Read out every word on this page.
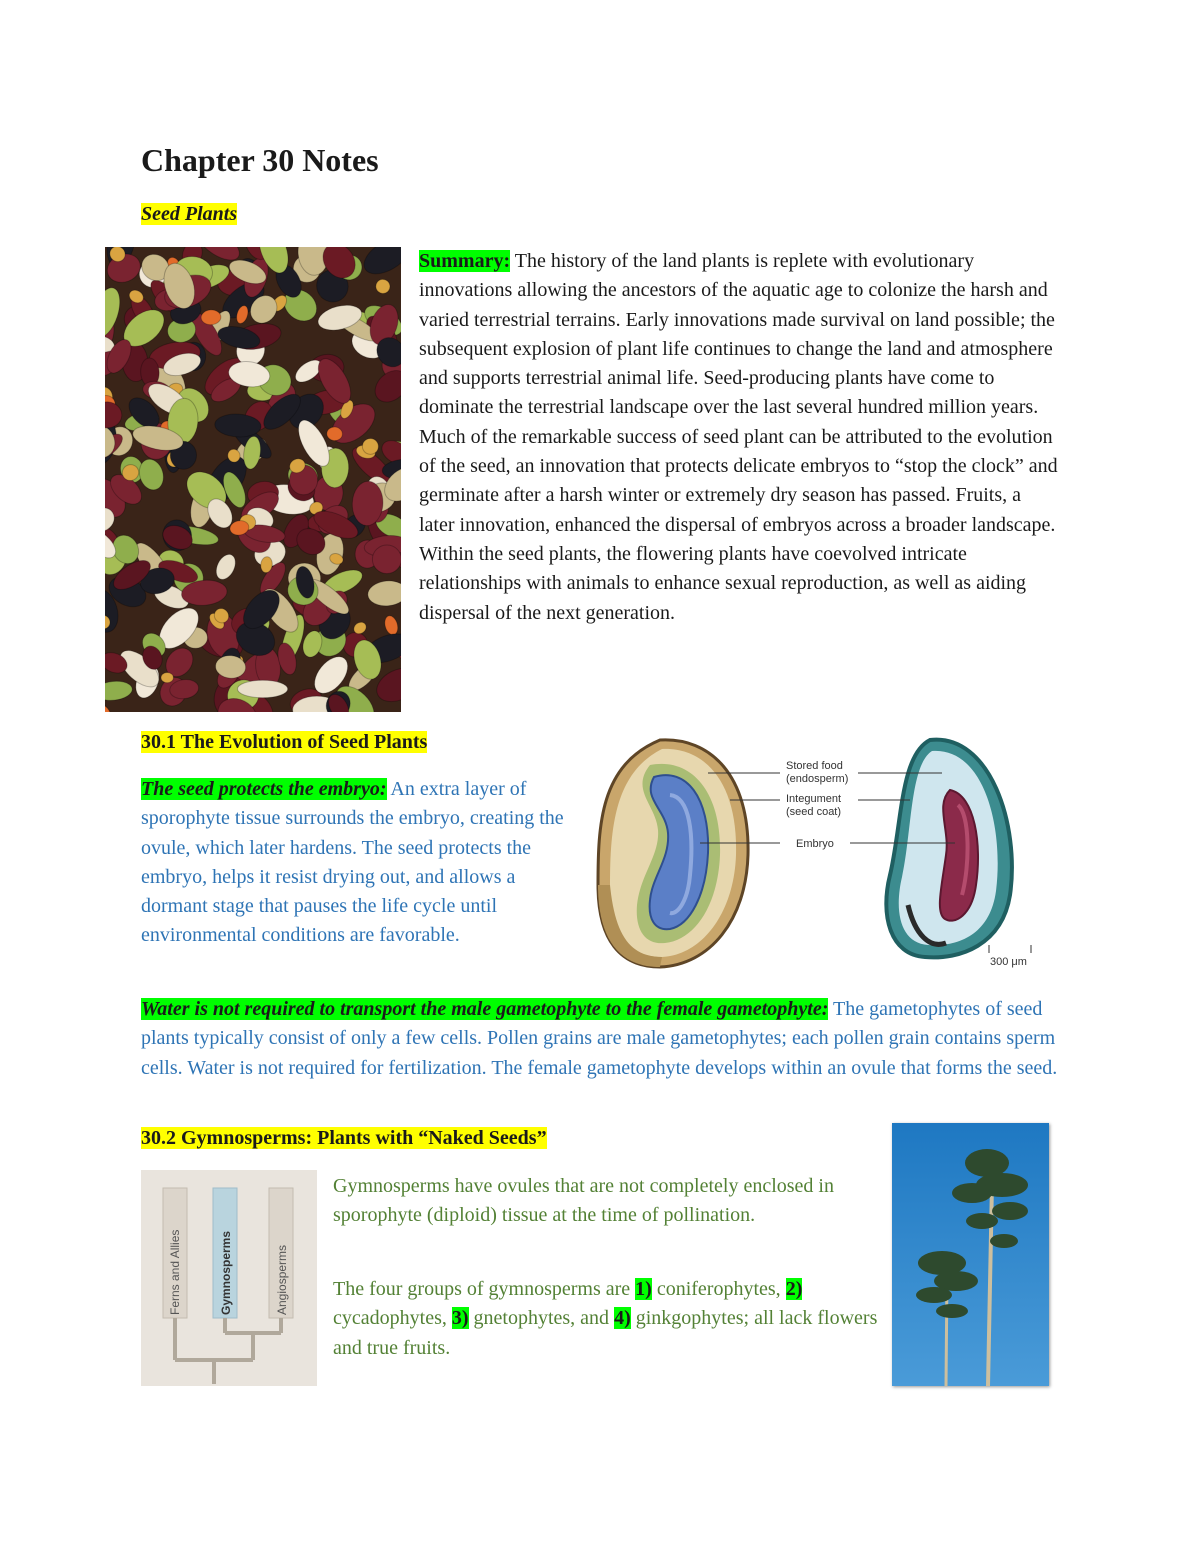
Chapter 30 Notes
Seed Plants
Summary: The history of the land plants is replete with evolutionary innovations allowing the ancestors of the aquatic age to colonize the harsh and varied terrestrial terrains. Early innovations made survival on land possible; the subsequent explosion of plant life continues to change the land and atmosphere and supports terrestrial animal life. Seed-producing plants have come to dominate the terrestrial landscape over the last several hundred million years. Much of the remarkable success of seed plant can be attributed to the evolution of the seed, an innovation that protects delicate embryos to “stop the clock” and germinate after a harsh winter or extremely dry season has passed. Fruits, a later innovation, enhanced the dispersal of embryos across a broader landscape. Within the seed plants, the flowering plants have coevolved intricate relationships with animals to enhance sexual reproduction, as well as aiding dispersal of the next generation.
30.1 The Evolution of Seed Plants
The seed protects the embryo: An extra layer of sporophyte tissue surrounds the embryo, creating the ovule, which later hardens. The seed protects the embryo, helps it resist drying out, and allows a dormant stage that pauses the life cycle until environmental conditions are favorable.
Stored food
(endosperm)
Integument
(seed coat)
Embryo
300 μm
Water is not required to transport the male gametophyte to the female gametophyte: The gametophytes of seed plants typically consist of only a few cells. Pollen grains are male gametophytes; each pollen grain contains sperm cells. Water is not required for fertilization. The female gametophyte develops within an ovule that forms the seed.
30.2 Gymnosperms: Plants with “Naked Seeds”
Ferns and Allies	Gymnosperms	Angiosperms
Gymnosperms have ovules that are not completely enclosed in sporophyte (diploid) tissue at the time of pollination.
The four groups of gymnosperms are 1) coniferophytes, 2) cycadophytes, 3) gnetophytes, and 4) ginkgophytes; all lack flowers and true fruits.
